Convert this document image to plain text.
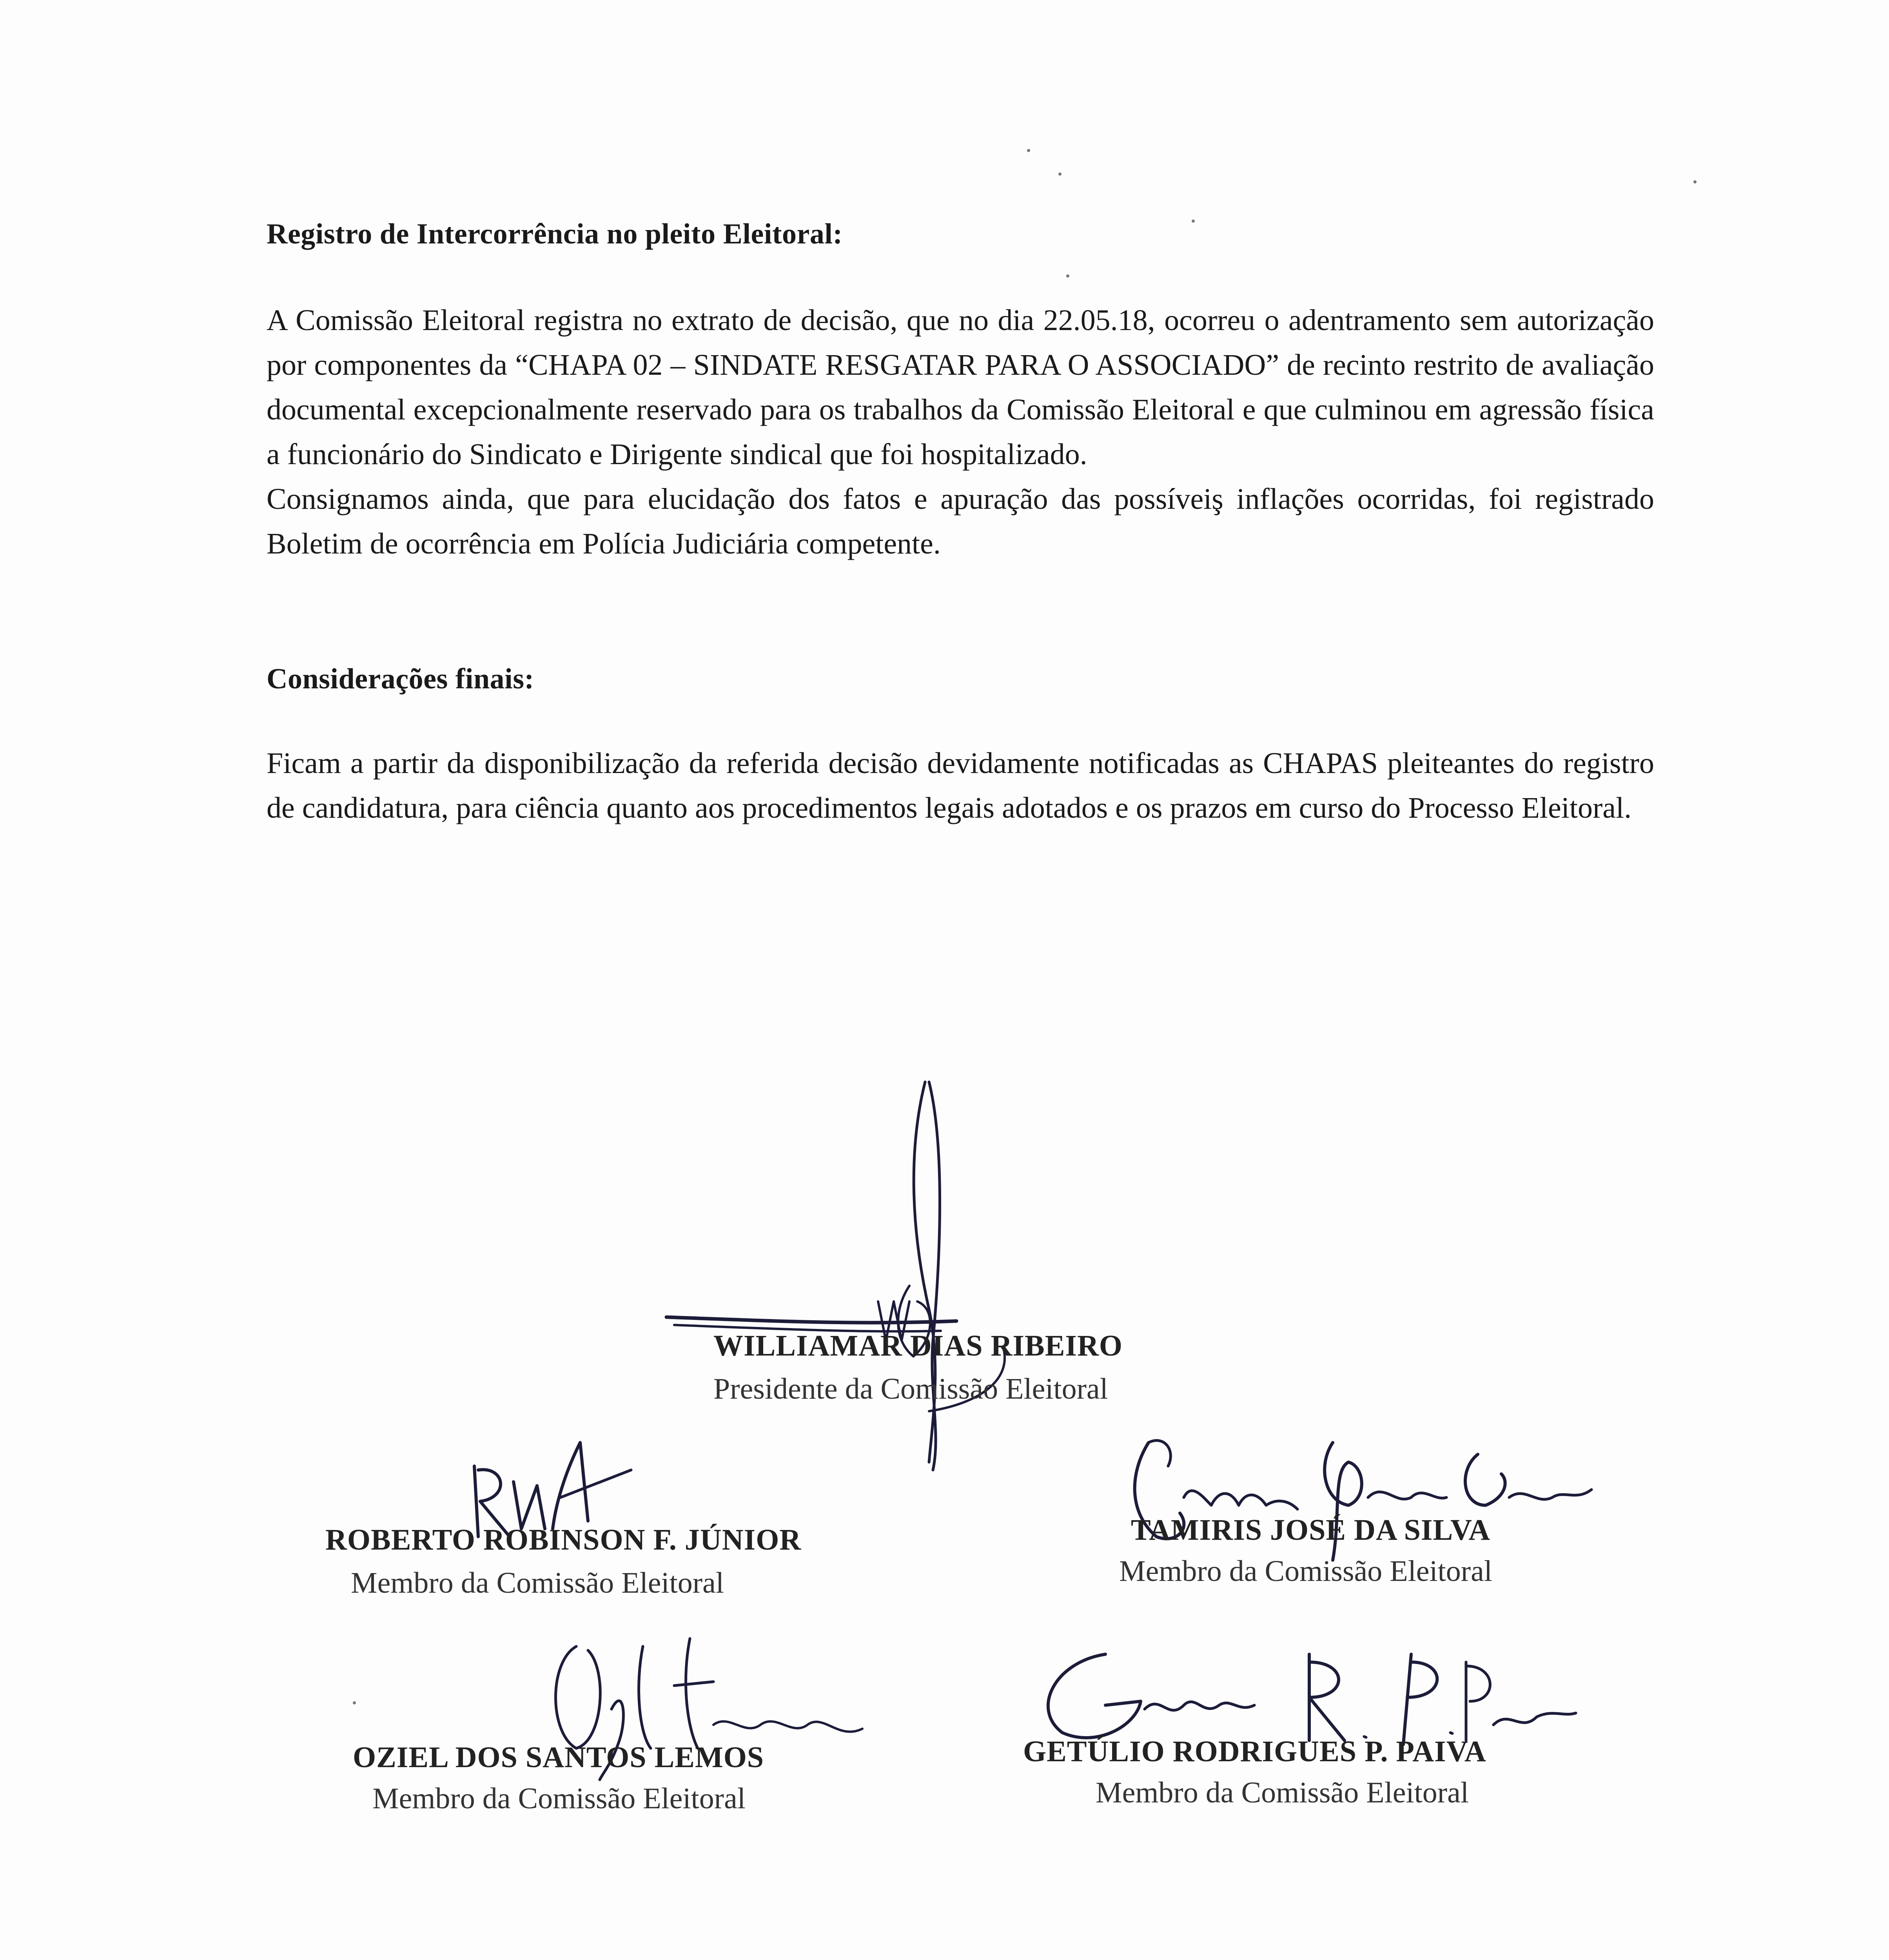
Registro de Intercorrência no pleito Eleitoral:

A Comissão Eleitoral registra no extrato de decisão, que no dia 22.05.18, ocorreu o adentramento sem autorização por componentes da “CHAPA 02 – SINDATE RESGATAR PARA O ASSOCIADO” de recinto restrito de avaliação documental excepcionalmente reservado para os trabalhos da Comissão Eleitoral e que culminou em agressão física a funcionário do Sindicato e Dirigente sindical que foi hospitalizado.

Consignamos ainda, que para elucidação dos fatos e apuração das possíveiş inflações ocorridas, foi registrado Boletim de ocorrência em Polícia Judiciária competente.

Considerações finais:

Ficam a partir da disponibilização da referida decisão devidamente notificadas as CHAPAS pleiteantes do registro de candidatura, para ciência quanto aos procedimentos legais adotados e os prazos em curso do Processo Eleitoral.

WILLIAMAR DIAS RIBEIRO
Presidente da Comissão Eleitoral
ROBERTO ROBINSON F. JÚNIOR
Membro da Comissão Eleitoral
TAMIRIS JOSÉ DA SILVA
Membro da Comissão Eleitoral
OZIEL DOS SANTOS LEMOS
Membro da Comissão Eleitoral
GETÚLIO RODRIGUES P. PAIVA
Membro da Comissão Eleitoral
